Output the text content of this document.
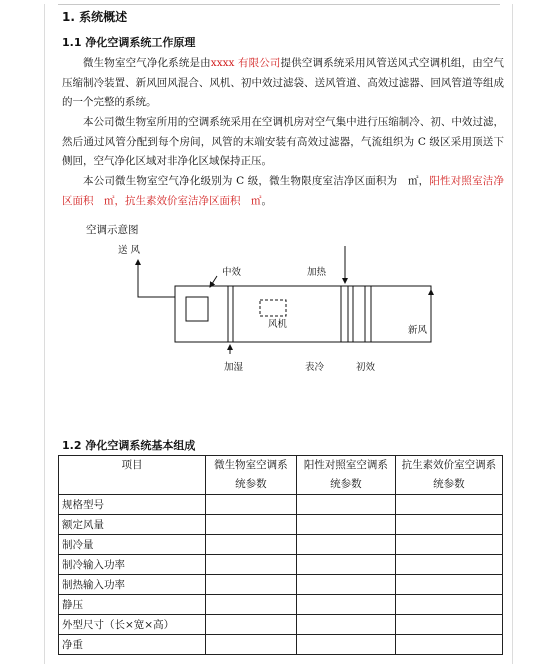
1. 系统概述
1.1 净化空调系统工作原理
微生物室空气净化系统是由xxxx 有限公司提供空调系统采用风管送风式空调机组，由空气压缩制冷装置、新风回风混合、风机、初中效过滤袋、送风管道、高效过滤器、回风管道等组成的一个完整的系统。
本公司微生物室所用的空调系统采用在空调机房对空气集中进行压缩制冷、初、中效过滤，然后通过风管分配到每个房间，风管的末端安装有高效过滤器，气流组织为 C 级区采用顶送下侧回，空气净化区域对非净化区域保持正压。
本公司微生物室空气净化级别为 C 级，微生物限度室洁净区面积为　㎡，阳性对照室洁净区面积　㎡，抗生素效价室洁净区面积　㎡。
空调示意图
送 风
中效	加热
风机
新风
加湿	表冷	初效
1.2 净化空调系统基本组成
项目	微生物室空调系统参数	阳性对照室空调系统参数	抗生素效价室空调系统参数
规格型号			
额定风量			
制冷量			
制冷输入功率			
制热输入功率			
静压			
外型尺寸（长×宽×高）			
净重			
